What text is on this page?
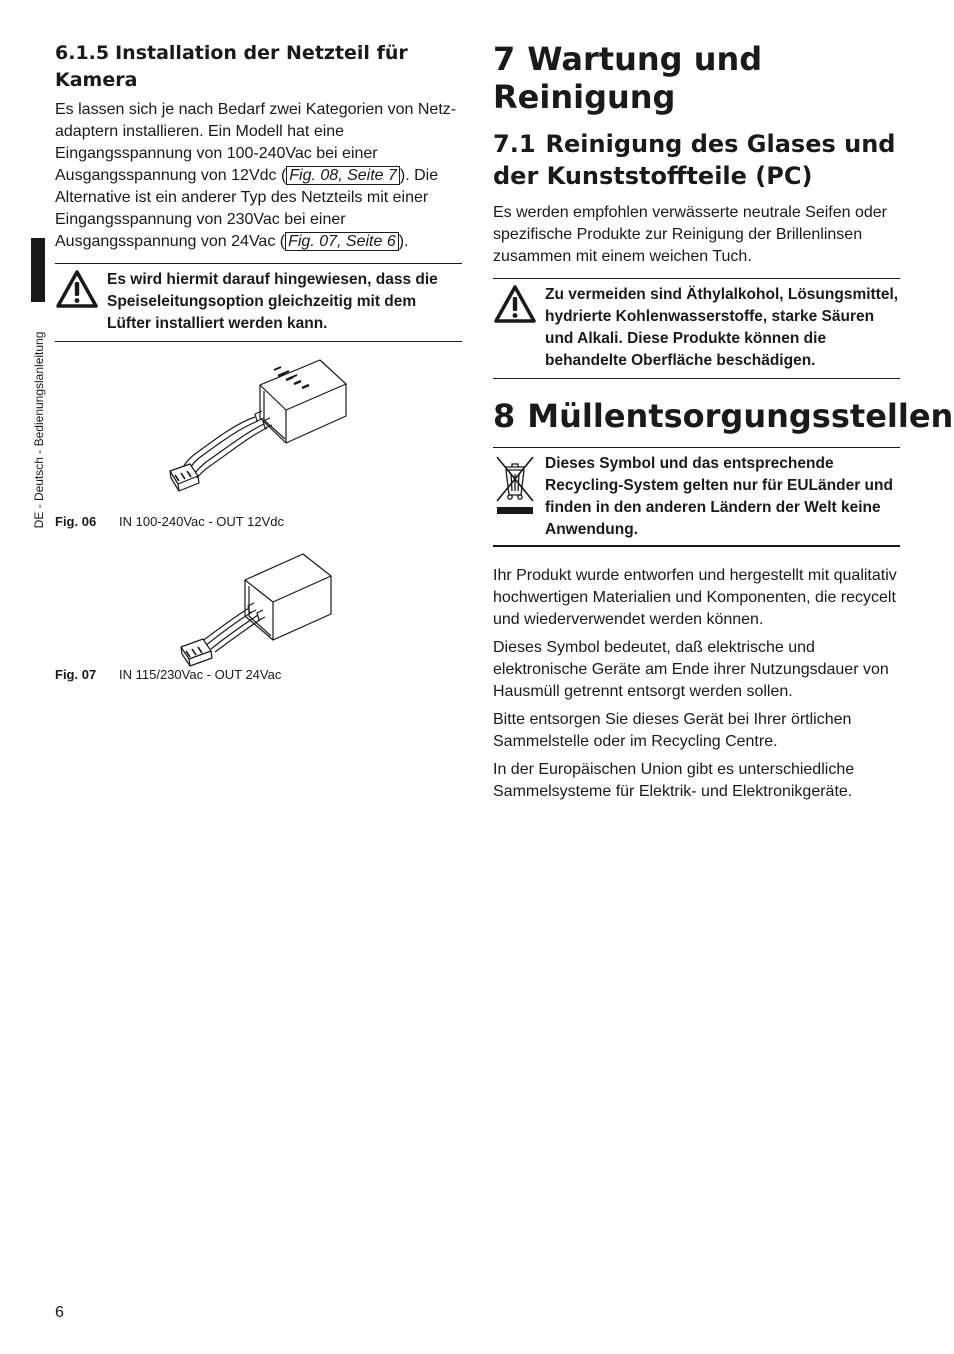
DE - Deutsch - Bedienungslanleitung
6.1.5 Installation der Netzteil für Kamera

Es lassen sich je nach Bedarf zwei Kategorien von Netz-adaptern installieren. Ein Modell hat eine Eingangsspannung von 100-240Vac bei einer Ausgangsspannung von 12Vdc ( Fig. 08, Seite 7 ). Die Alternative ist ein anderer Typ des Netzteils mit einer Eingangsspannung von 230Vac bei einer Ausgangsspannung von 24Vac ( Fig. 07, Seite 6 ).

Es wird hiermit darauf hingewiesen, dass die Speiseleitungsoption gleichzeitig mit dem Lüfter installiert werden kann.
Fig. 06 IN 100-240Vac - OUT 12Vdc
Fig. 07 IN 115/230Vac - OUT 24Vac
7 Wartung und Reinigung
7.1 Reinigung des Glases und der Kunststoffteile (PC)

Es werden empfohlen verwässerte neutrale Seifen oder spezifische Produkte zur Reinigung der Brillenlinsen zusammen mit einem weichen Tuch.

Zu vermeiden sind Äthylalkohol, Lösungsmittel, hydrierte Kohlenwasserstoffe, starke Säuren und Alkali. Diese Produkte können die behandelte Oberfläche beschädigen.
8 Müllentsorgungsstellen
Dieses Symbol und das entsprechende Recycling-System gelten nur für EULänder und finden in den anderen Ländern der Welt keine Anwendung.

Ihr Produkt wurde entworfen und hergestellt mit qualitativ hochwertigen Materialien und Komponenten, die recycelt und wiederverwendet werden können.

Dieses Symbol bedeutet, daß elektrische und elektronische Geräte am Ende ihrer Nutzungsdauer von Hausmüll getrennt entsorgt werden sollen.

Bitte entsorgen Sie dieses Gerät bei Ihrer örtlichen Sammelstelle oder im Recycling Centre.

In der Europäischen Union gibt es unterschiedliche Sammelsysteme für Elektrik- und Elektronikgeräte.

6
